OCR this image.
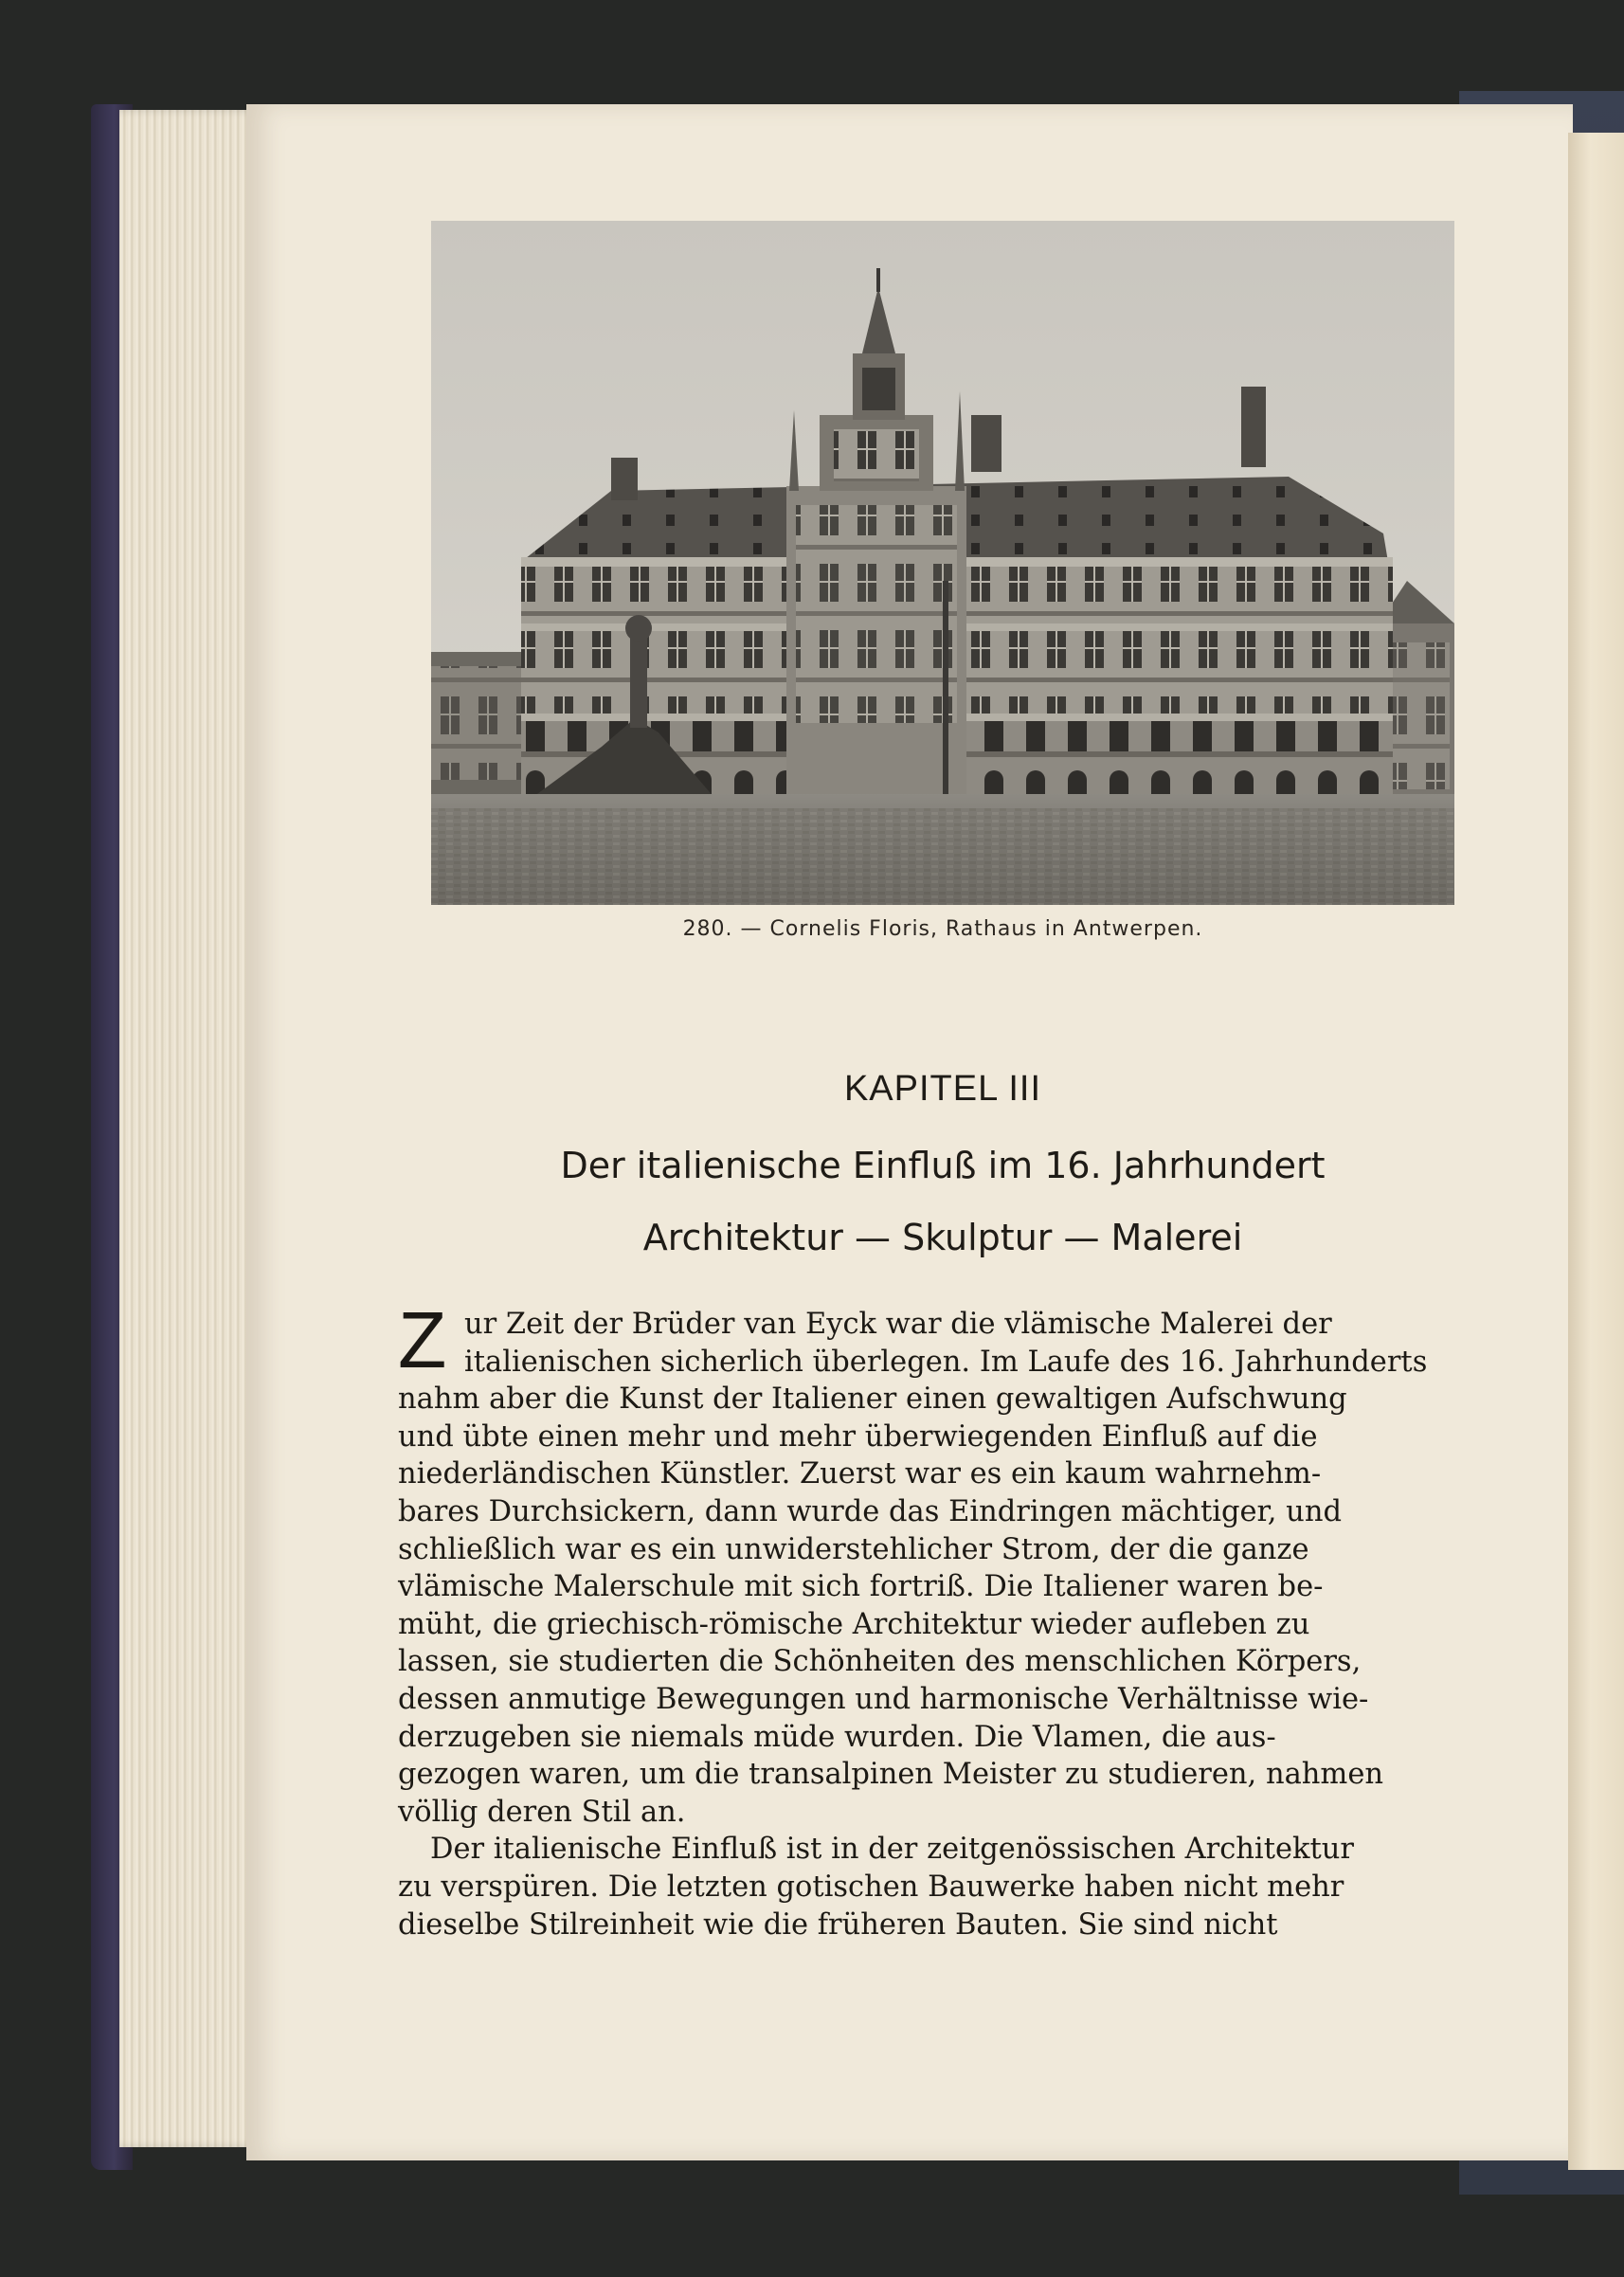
280. — Cornelis Floris, Rathaus in Antwerpen.
KAPITEL III
Der italienische Einfluß im 16. Jahrhundert
Architektur — Skulptur — Malerei
Z ur Zeit der Brüder van Eyck war die vlämische Malerei der
italienischen sicherlich überlegen. Im Laufe des 16. Jahrhunderts
nahm aber die Kunst der Italiener einen gewaltigen Aufschwung
und übte einen mehr und mehr überwiegenden Einfluß auf die
niederländischen Künstler. Zuerst war es ein kaum wahrnehm-
bares Durchsickern, dann wurde das Eindringen mächtiger, und
schließlich war es ein unwiderstehlicher Strom, der die ganze
vlämische Malerschule mit sich fortriß. Die Italiener waren be-
müht, die griechisch-römische Architektur wieder aufleben zu
lassen, sie studierten die Schönheiten des menschlichen Körpers,
dessen anmutige Bewegungen und harmonische Verhältnisse wie-
derzugeben sie niemals müde wurden. Die Vlamen, die aus-
gezogen waren, um die transalpinen Meister zu studieren, nahmen
völlig deren Stil an.
Der italienische Einfluß ist in der zeitgenössischen Architektur
zu verspüren. Die letzten gotischen Bauwerke haben nicht mehr
dieselbe Stilreinheit wie die früheren Bauten. Sie sind nicht
